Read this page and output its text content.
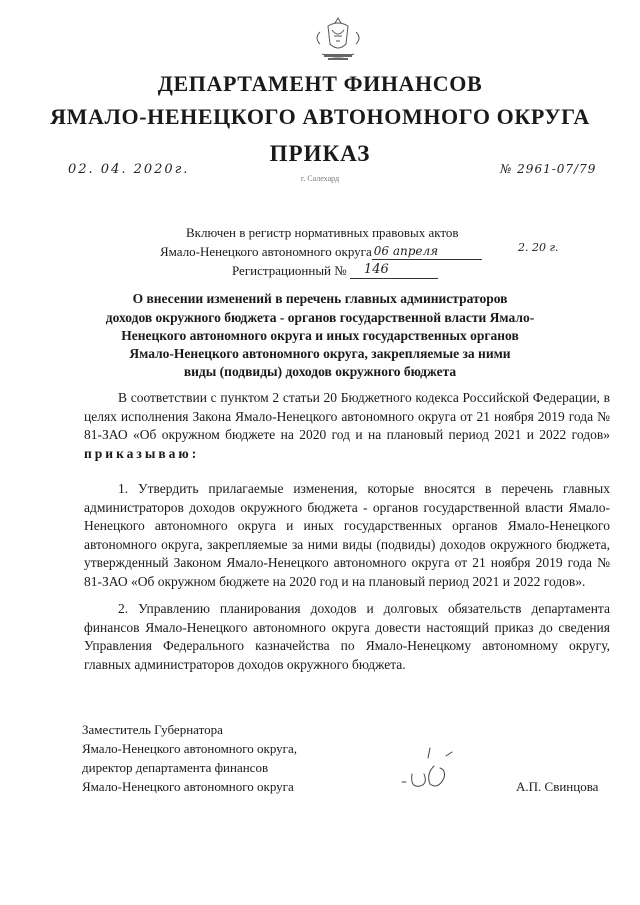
ДЕПАРТАМЕНТ ФИНАНСОВ
ЯМАЛО-НЕНЕЦКОГО АВТОНОМНОГО ОКРУГА
ПРИКАЗ
02. 04. 2020г.	№ 2961-07/79
г. Салехард
Включен в регистр нормативных правовых актов
Ямало-Ненецкого автономного округа 06 апреля	2. 20 г.
Регистрационный № 146
О внесении изменений в перечень главных администраторов
доходов окружного бюджета - органов государственной власти Ямало-
Ненецкого автономного округа и иных государственных органов
Ямало-Ненецкого автономного округа, закрепляемые за ними
виды (подвиды) доходов окружного бюджета
В соответствии с пунктом 2 статьи 20 Бюджетного кодекса Российской Федерации, в целях исполнения Закона Ямало-Ненецкого автономного округа от 21 ноября 2019 года № 81-ЗАО «Об окружном бюджете на 2020 год и на плановый период 2021 и 2022 годов» приказываю:
1. Утвердить прилагаемые изменения, которые вносятся в перечень главных администраторов доходов окружного бюджета - органов государственной власти Ямало-Ненецкого автономного округа и иных государственных органов Ямало-Ненецкого автономного округа, закрепляемые за ними виды (подвиды) доходов окружного бюджета, утвержденный Законом Ямало-Ненецкого автономного округа от 21 ноября 2019 года № 81-ЗАО «Об окружном бюджете на 2020 год и на плановый период 2021 и 2022 годов».
2. Управлению планирования доходов и долговых обязательств департамента финансов Ямало-Ненецкого автономного округа довести настоящий приказ до сведения Управления Федерального казначейства по Ямало-Ненецкому автономному округу, главных администраторов доходов окружного бюджета.
Заместитель Губернатора
Ямало-Ненецкого автономного округа,
директор департамента финансов
Ямало-Ненецкого автономного округа	А.П. Свинцова
